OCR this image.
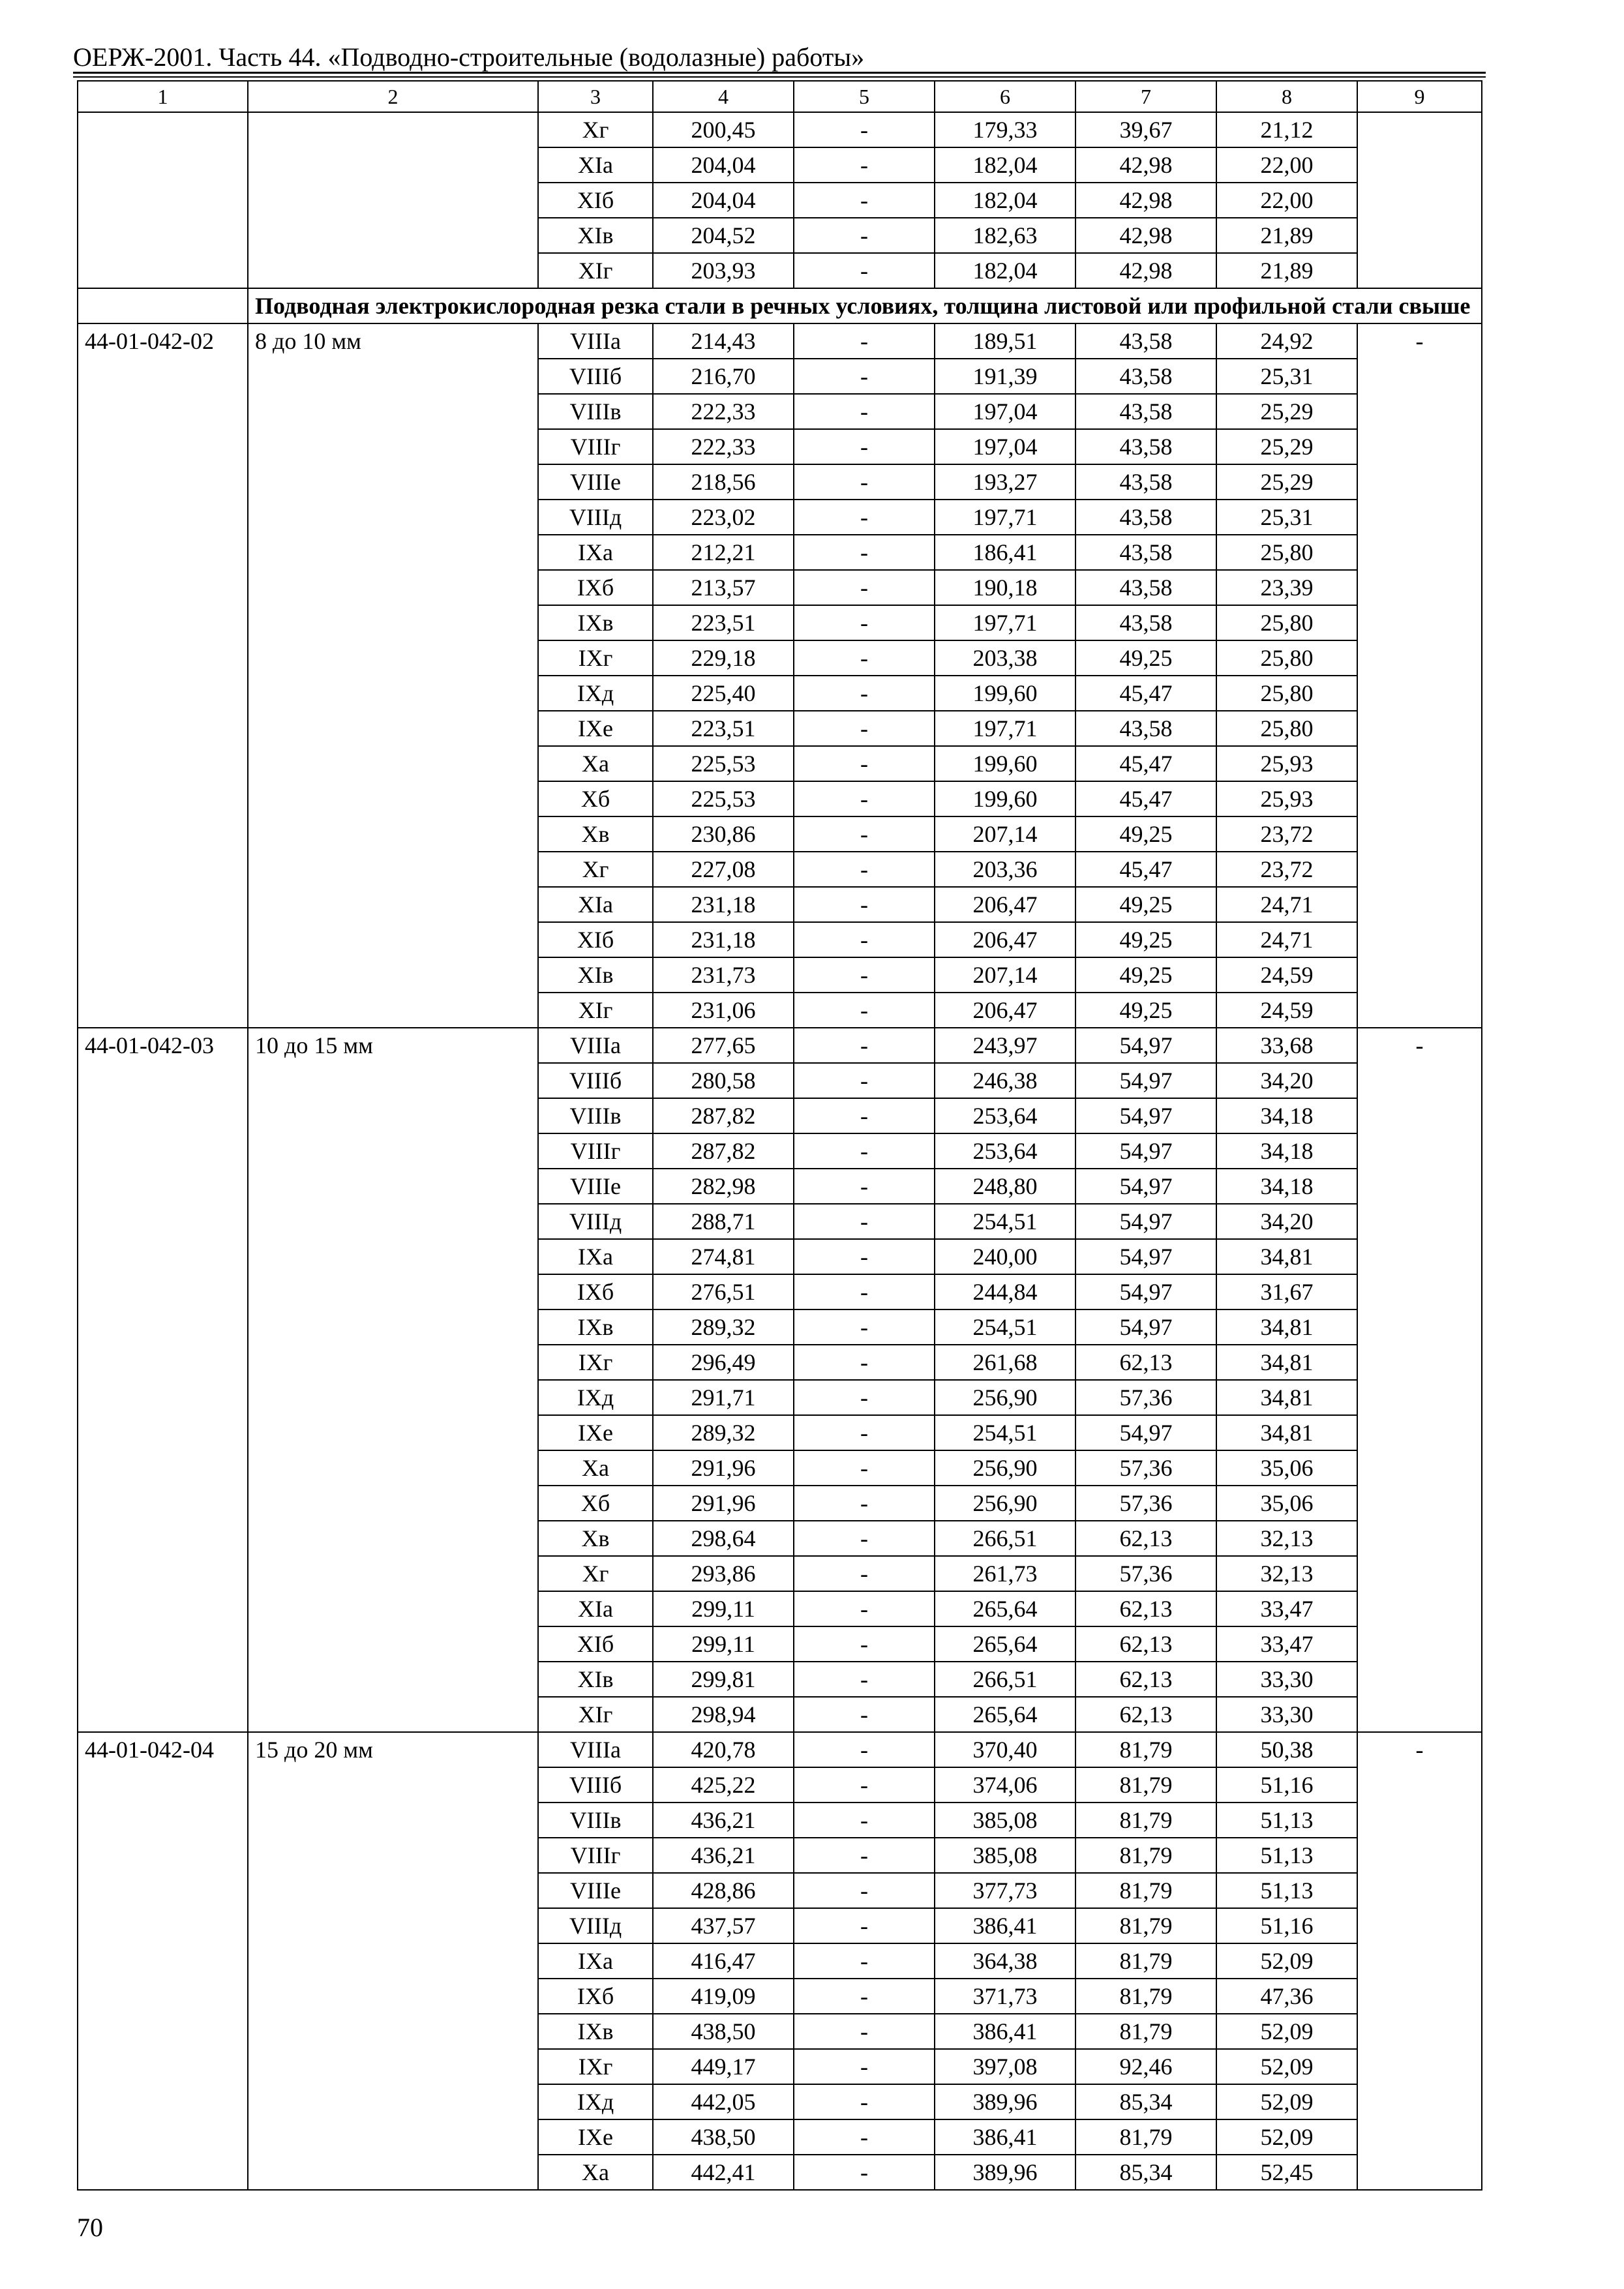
ОЕРЖ-2001. Часть 44. «Подводно-строительные (водолазные) работы»
1	2	3	4	5	6	7	8	9
		Xг	200,45	-	179,33	39,67	21,12	
		XIa	204,04	-	182,04	42,98	22,00	
		XIб	204,04	-	182,04	42,98	22,00	
		XIв	204,52	-	182,63	42,98	21,89	
		XIг	203,93	-	182,04	42,98	21,89	
	Подводная электрокислородная резка стали в речных условиях, толщина листовой или профильной стали свыше							
44-01-042-02	8 до 10 мм	VIIIa	214,43	-	189,51	43,58	24,92	-
		VIIIб	216,70	-	191,39	43,58	25,31	
		VIIIв	222,33	-	197,04	43,58	25,29	
		VIIIг	222,33	-	197,04	43,58	25,29	
		VIIIе	218,56	-	193,27	43,58	25,29	
		VIIIд	223,02	-	197,71	43,58	25,31	
		IXa	212,21	-	186,41	43,58	25,80	
		IXб	213,57	-	190,18	43,58	23,39	
		IXв	223,51	-	197,71	43,58	25,80	
		IXг	229,18	-	203,38	49,25	25,80	
		IXд	225,40	-	199,60	45,47	25,80	
		IXе	223,51	-	197,71	43,58	25,80	
		Xa	225,53	-	199,60	45,47	25,93	
		Xб	225,53	-	199,60	45,47	25,93	
		Xв	230,86	-	207,14	49,25	23,72	
		Xг	227,08	-	203,36	45,47	23,72	
		XIa	231,18	-	206,47	49,25	24,71	
		XIб	231,18	-	206,47	49,25	24,71	
		XIв	231,73	-	207,14	49,25	24,59	
		XIг	231,06	-	206,47	49,25	24,59	
44-01-042-03	10 до 15 мм	VIIIa	277,65	-	243,97	54,97	33,68	-
		VIIIб	280,58	-	246,38	54,97	34,20	
		VIIIв	287,82	-	253,64	54,97	34,18	
		VIIIг	287,82	-	253,64	54,97	34,18	
		VIIIе	282,98	-	248,80	54,97	34,18	
		VIIIд	288,71	-	254,51	54,97	34,20	
		IXa	274,81	-	240,00	54,97	34,81	
		IXб	276,51	-	244,84	54,97	31,67	
		IXв	289,32	-	254,51	54,97	34,81	
		IXг	296,49	-	261,68	62,13	34,81	
		IXд	291,71	-	256,90	57,36	34,81	
		IXе	289,32	-	254,51	54,97	34,81	
		Xa	291,96	-	256,90	57,36	35,06	
		Xб	291,96	-	256,90	57,36	35,06	
		Xв	298,64	-	266,51	62,13	32,13	
		Xг	293,86	-	261,73	57,36	32,13	
		XIa	299,11	-	265,64	62,13	33,47	
		XIб	299,11	-	265,64	62,13	33,47	
		XIв	299,81	-	266,51	62,13	33,30	
		XIг	298,94	-	265,64	62,13	33,30	
44-01-042-04	15 до 20 мм	VIIIa	420,78	-	370,40	81,79	50,38	-
		VIIIб	425,22	-	374,06	81,79	51,16	
		VIIIв	436,21	-	385,08	81,79	51,13	
		VIIIг	436,21	-	385,08	81,79	51,13	
		VIIIе	428,86	-	377,73	81,79	51,13	
		VIIIд	437,57	-	386,41	81,79	51,16	
		IXa	416,47	-	364,38	81,79	52,09	
		IXб	419,09	-	371,73	81,79	47,36	
		IXв	438,50	-	386,41	81,79	52,09	
		IXг	449,17	-	397,08	92,46	52,09	
		IXд	442,05	-	389,96	85,34	52,09	
		IXе	438,50	-	386,41	81,79	52,09	
		Xa	442,41	-	389,96	85,34	52,45	
70
